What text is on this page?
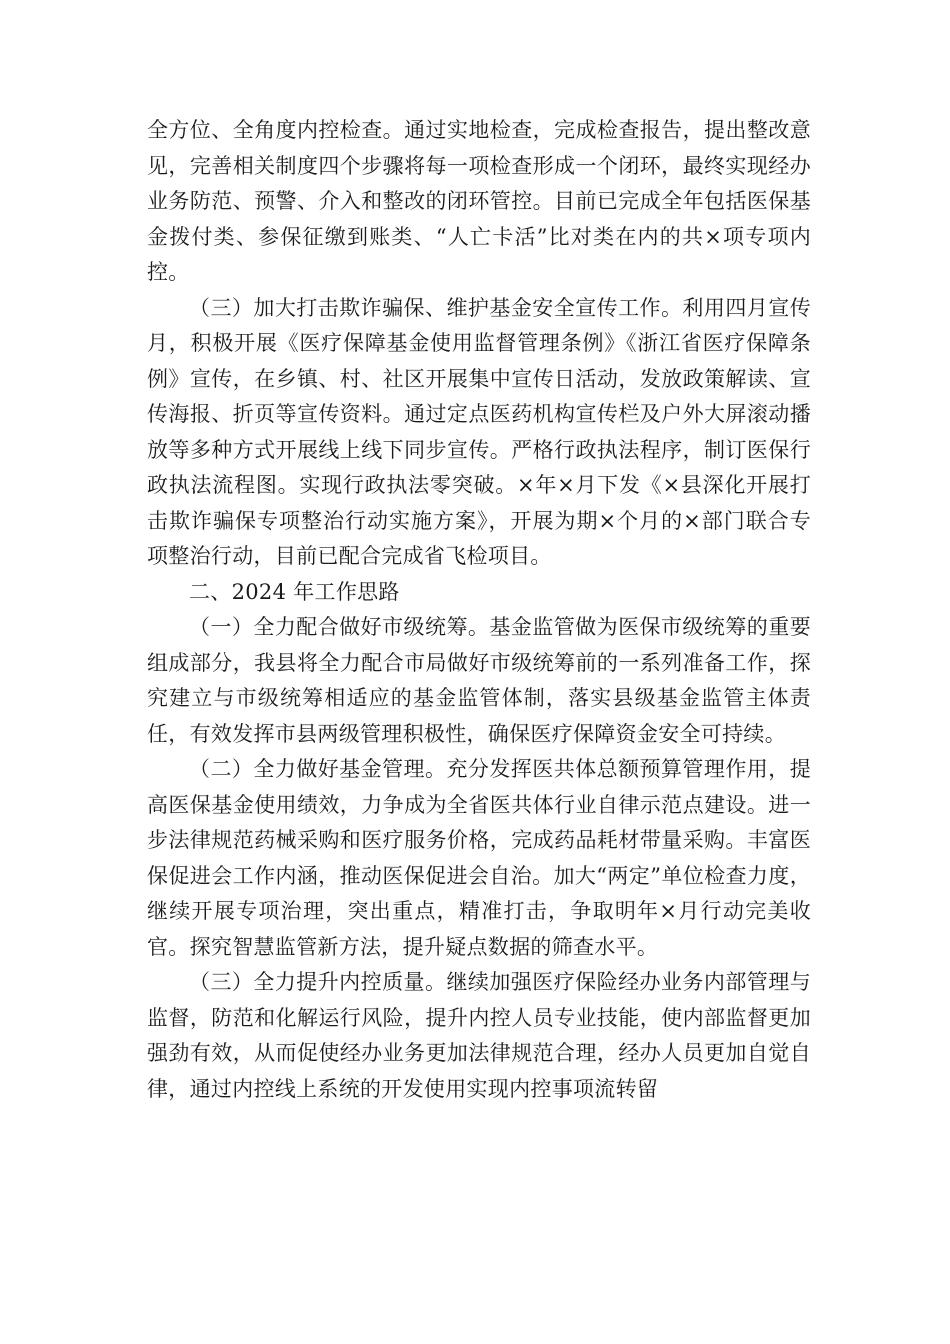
全方位、全角度内控检查。通过实地检查，完成检查报告，提出整改意见，完善相关制度四个步骤将每一项检查形成一个闭环，最终实现经办业务防范、预警、介入和整改的闭环管控。目前已完成全年包括医保基金拨付类、参保征缴到账类、“人亡卡活”比对类在内的共×项专项内控。

（三）加大打击欺诈骗保、维护基金安全宣传工作。利用四月宣传月，积极开展《医疗保障基金使用监督管理条例》《浙江省医疗保障条例》宣传，在乡镇、村、社区开展集中宣传日活动，发放政策解读、宣传海报、折页等宣传资料。通过定点医药机构宣传栏及户外大屏滚动播放等多种方式开展线上线下同步宣传。严格行政执法程序，制订医保行政执法流程图。实现行政执法零突破。×年×月下发《×县深化开展打击欺诈骗保专项整治行动实施方案》，开展为期×个月的×部门联合专项整治行动，目前已配合完成省飞检项目。

二、2024 年工作思路

（一）全力配合做好市级统筹。基金监管做为医保市级统筹的重要组成部分，我县将全力配合市局做好市级统筹前的一系列准备工作，探究建立与市级统筹相适应的基金监管体制，落实县级基金监管主体责任，有效发挥市县两级管理积极性，确保医疗保障资金安全可持续。

（二）全力做好基金管理。充分发挥医共体总额预算管理作用，提高医保基金使用绩效，力争成为全省医共体行业自律示范点建设。进一步法律规范药械采购和医疗服务价格，完成药品耗材带量采购。丰富医保促进会工作内涵，推动医保促进会自治。加大“两定”单位检查力度，继续开展专项治理，突出重点，精准打击，争取明年×月行动完美收官。探究智慧监管新方法，提升疑点数据的筛查水平。

（三）全力提升内控质量。继续加强医疗保险经办业务内部管理与监督，防范和化解运行风险，提升内控人员专业技能，使内部监督更加强劲有效，从而促使经办业务更加法律规范合理，经办人员更加自觉自律，通过内控线上系统的开发使用实现内控事项流转留
